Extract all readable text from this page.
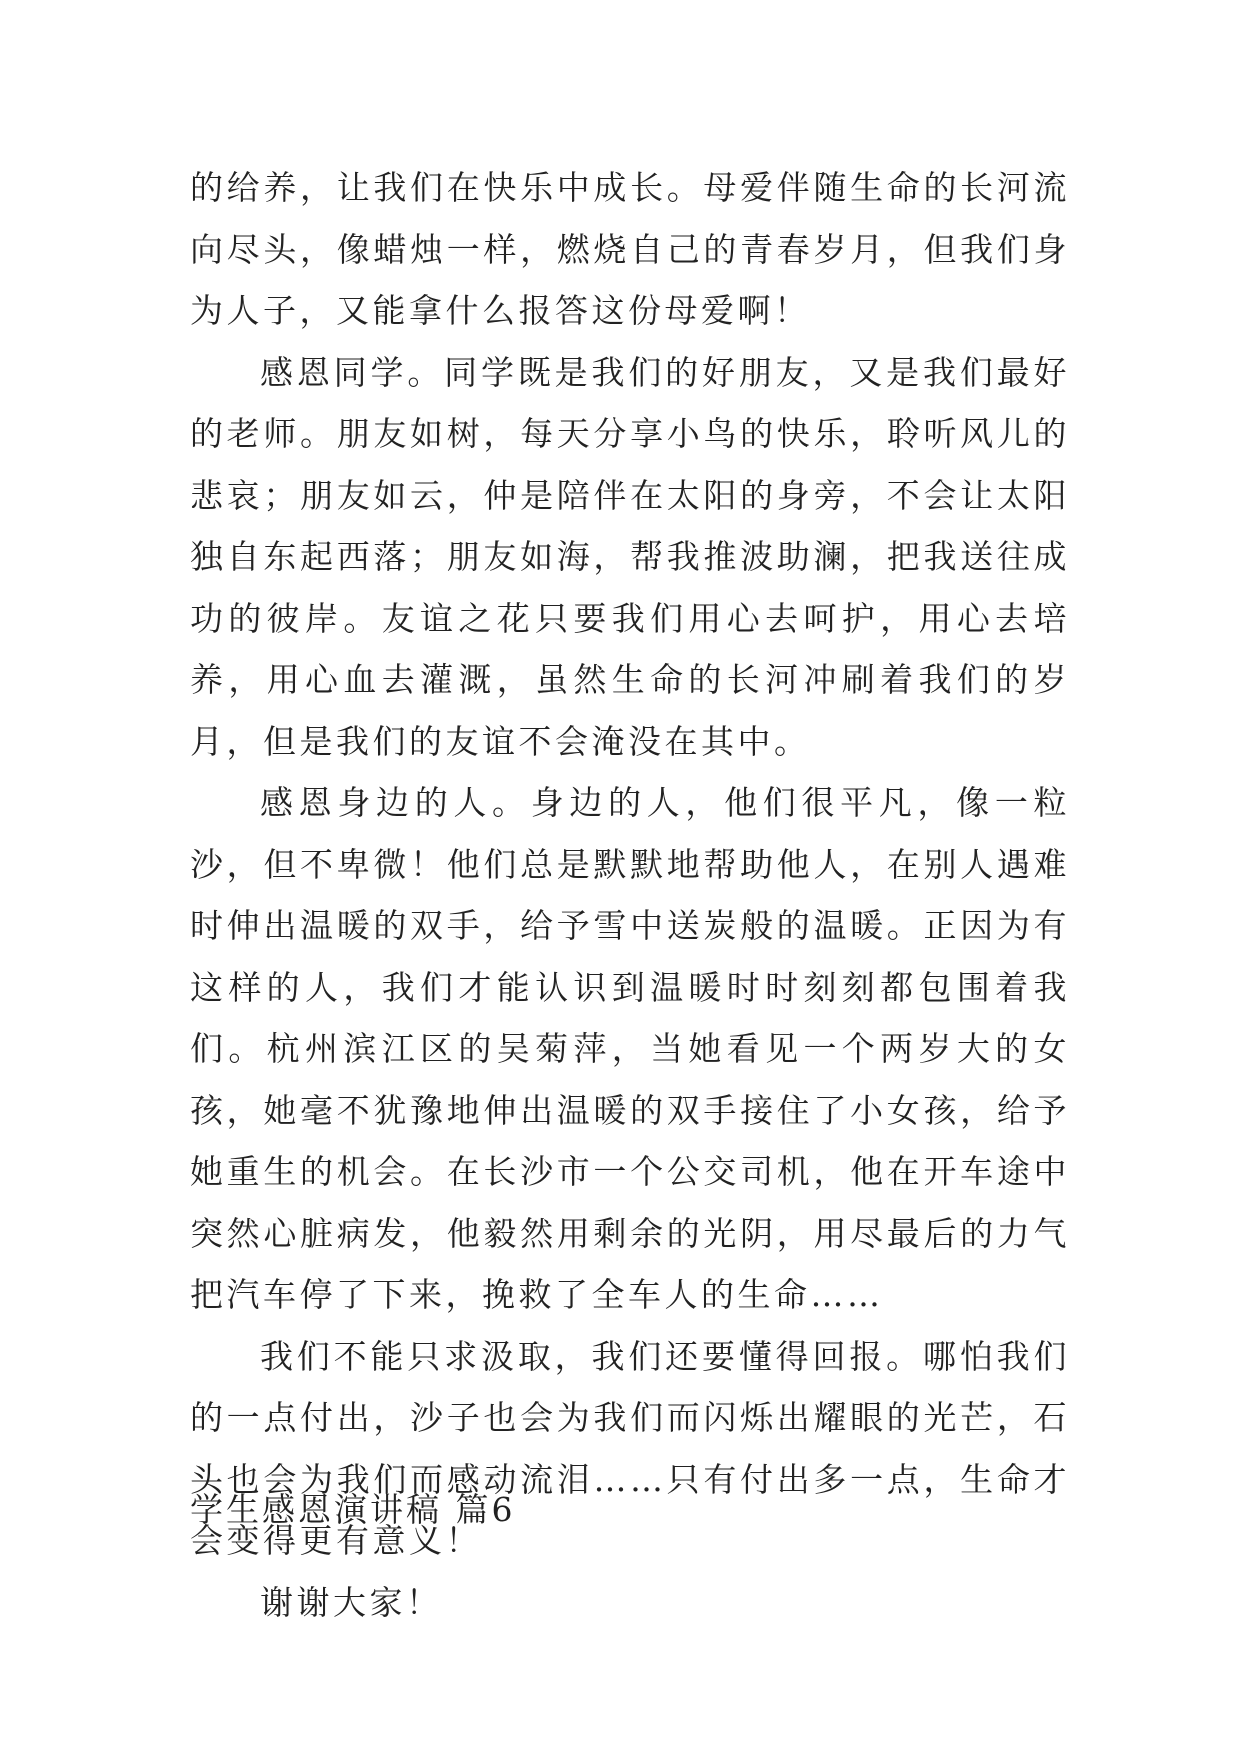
的给养，让我们在快乐中成长。母爱伴随生命的长河流向尽头，像蜡烛一样，燃烧自己的青春岁月，但我们身为人子，又能拿什么报答这份母爱啊！

感恩同学。同学既是我们的好朋友，又是我们最好的老师。朋友如树，每天分享小鸟的快乐，聆听风儿的悲哀；朋友如云，仲是陪伴在太阳的身旁，不会让太阳独自东起西落；朋友如海，帮我推波助澜，把我送往成功的彼岸。友谊之花只要我们用心去呵护，用心去培养，用心血去灌溉，虽然生命的长河冲刷着我们的岁月，但是我们的友谊不会淹没在其中。

感恩身边的人。身边的人，他们很平凡，像一粒沙，但不卑微！他们总是默默地帮助他人，在别人遇难时伸出温暖的双手，给予雪中送炭般的温暖。正因为有这样的人，我们才能认识到温暖时时刻刻都包围着我们。杭州滨江区的吴菊萍，当她看见一个两岁大的女孩，她毫不犹豫地伸出温暖的双手接住了小女孩，给予她重生的机会。在长沙市一个公交司机，他在开车途中突然心脏病发，他毅然用剩余的光阴，用尽最后的力气把汽车停了下来，挽救了全车人的生命……

我们不能只求汲取，我们还要懂得回报。哪怕我们的一点付出，沙子也会为我们而闪烁出耀眼的光芒，石头也会为我们而感动流泪……只有付出多一点，生命才会变得更有意义！

谢谢大家！

学生感恩演讲稿 篇6
